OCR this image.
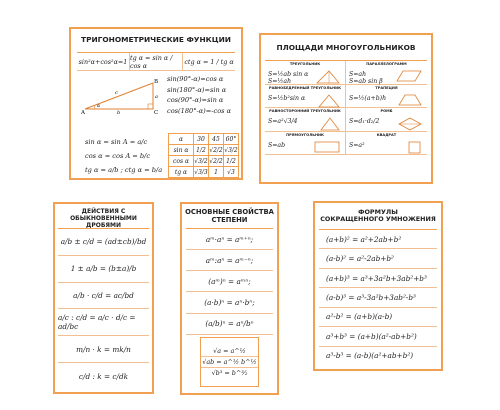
ТРИГОНОМЕТРИЧЕСКИЕ ФУНКЦИИ
sin²α+cos²α=1 tg α = sin α / cos α	ctg α = 1 / tg α
A	C
B
b
a
c
α
sin(90°-α)=cos α
sin(180°-α)=sin α
cos(90°-α)=sin α
cos(180°-α)=-cos α
sin α = sin A = a/c
cos α = cos A = b/c
tg α = a/b ; ctg α = b/a
α	30	45	60°
sin α	1/2	√2/2	√3/2
cos α	√3/2	√2/2	1/2
tg α	√3/3	1	√3
ПЛОЩАДИ МНОГОУГОЛЬНИКОВ
ТРЕУГОЛЬНИК
S=½ab sin α
S=½ah
ПАРАЛЛЕЛОГРАММ
S=ah
S=ab sin β
РАВНОБЕДРЕННЫЙ ТРЕУГОЛЬНИК
S=½b²sin α
ТРАПЕЦИЯ
S=½(a+b)h
РАВНОСТОРОННИЙ ТРЕУГОЛЬНИК
S=a²√3/4
РОМБ
S=d₁·d₂/2
ПРЯМОУГОЛЬНИК
S=ab
КВАДРАТ
S=a²
ДЕЙСТВИЯ С
ОБЫКНОВЕННЫМИ ДРОБЯМИ
a/b ± c/d = (ad±cb)/bd
1 ± a/b = (b±a)/b
a/b · c/d = ac/bd
a/c : c/d = a/c · d/c = ad/bc
m/n · k = mk/n
c/d : k = c/dk
ОСНОВНЫЕ СВОЙСТВА
СТЕПЕНИ
aᵐ·aⁿ = aᵐ⁺ⁿ;
aᵐ:aⁿ = aᵐ⁻ⁿ;
(aᵐ)ⁿ = aᵐⁿ;
(a·b)ⁿ = aⁿ·bⁿ;
(a/b)ⁿ = aⁿ/bⁿ
√a = a^½
√ab = a^½ b^½
√b³ = b^³⁄₂
ФОРМУЛЫ
СОКРАЩЕННОГО УМНОЖЕНИЯ
(a+b)² = a²+2ab+b²
(a-b)² = a²-2ab+b²
(a+b)³ = a³+3a²b+3ab²+b³
(a-b)³ = a³-3a²b+3ab²-b³
a²-b² = (a+b)(a-b)
a³+b³ = (a+b)(a²-ab+b²)
a³-b³ = (a-b)(a²+ab+b²)
